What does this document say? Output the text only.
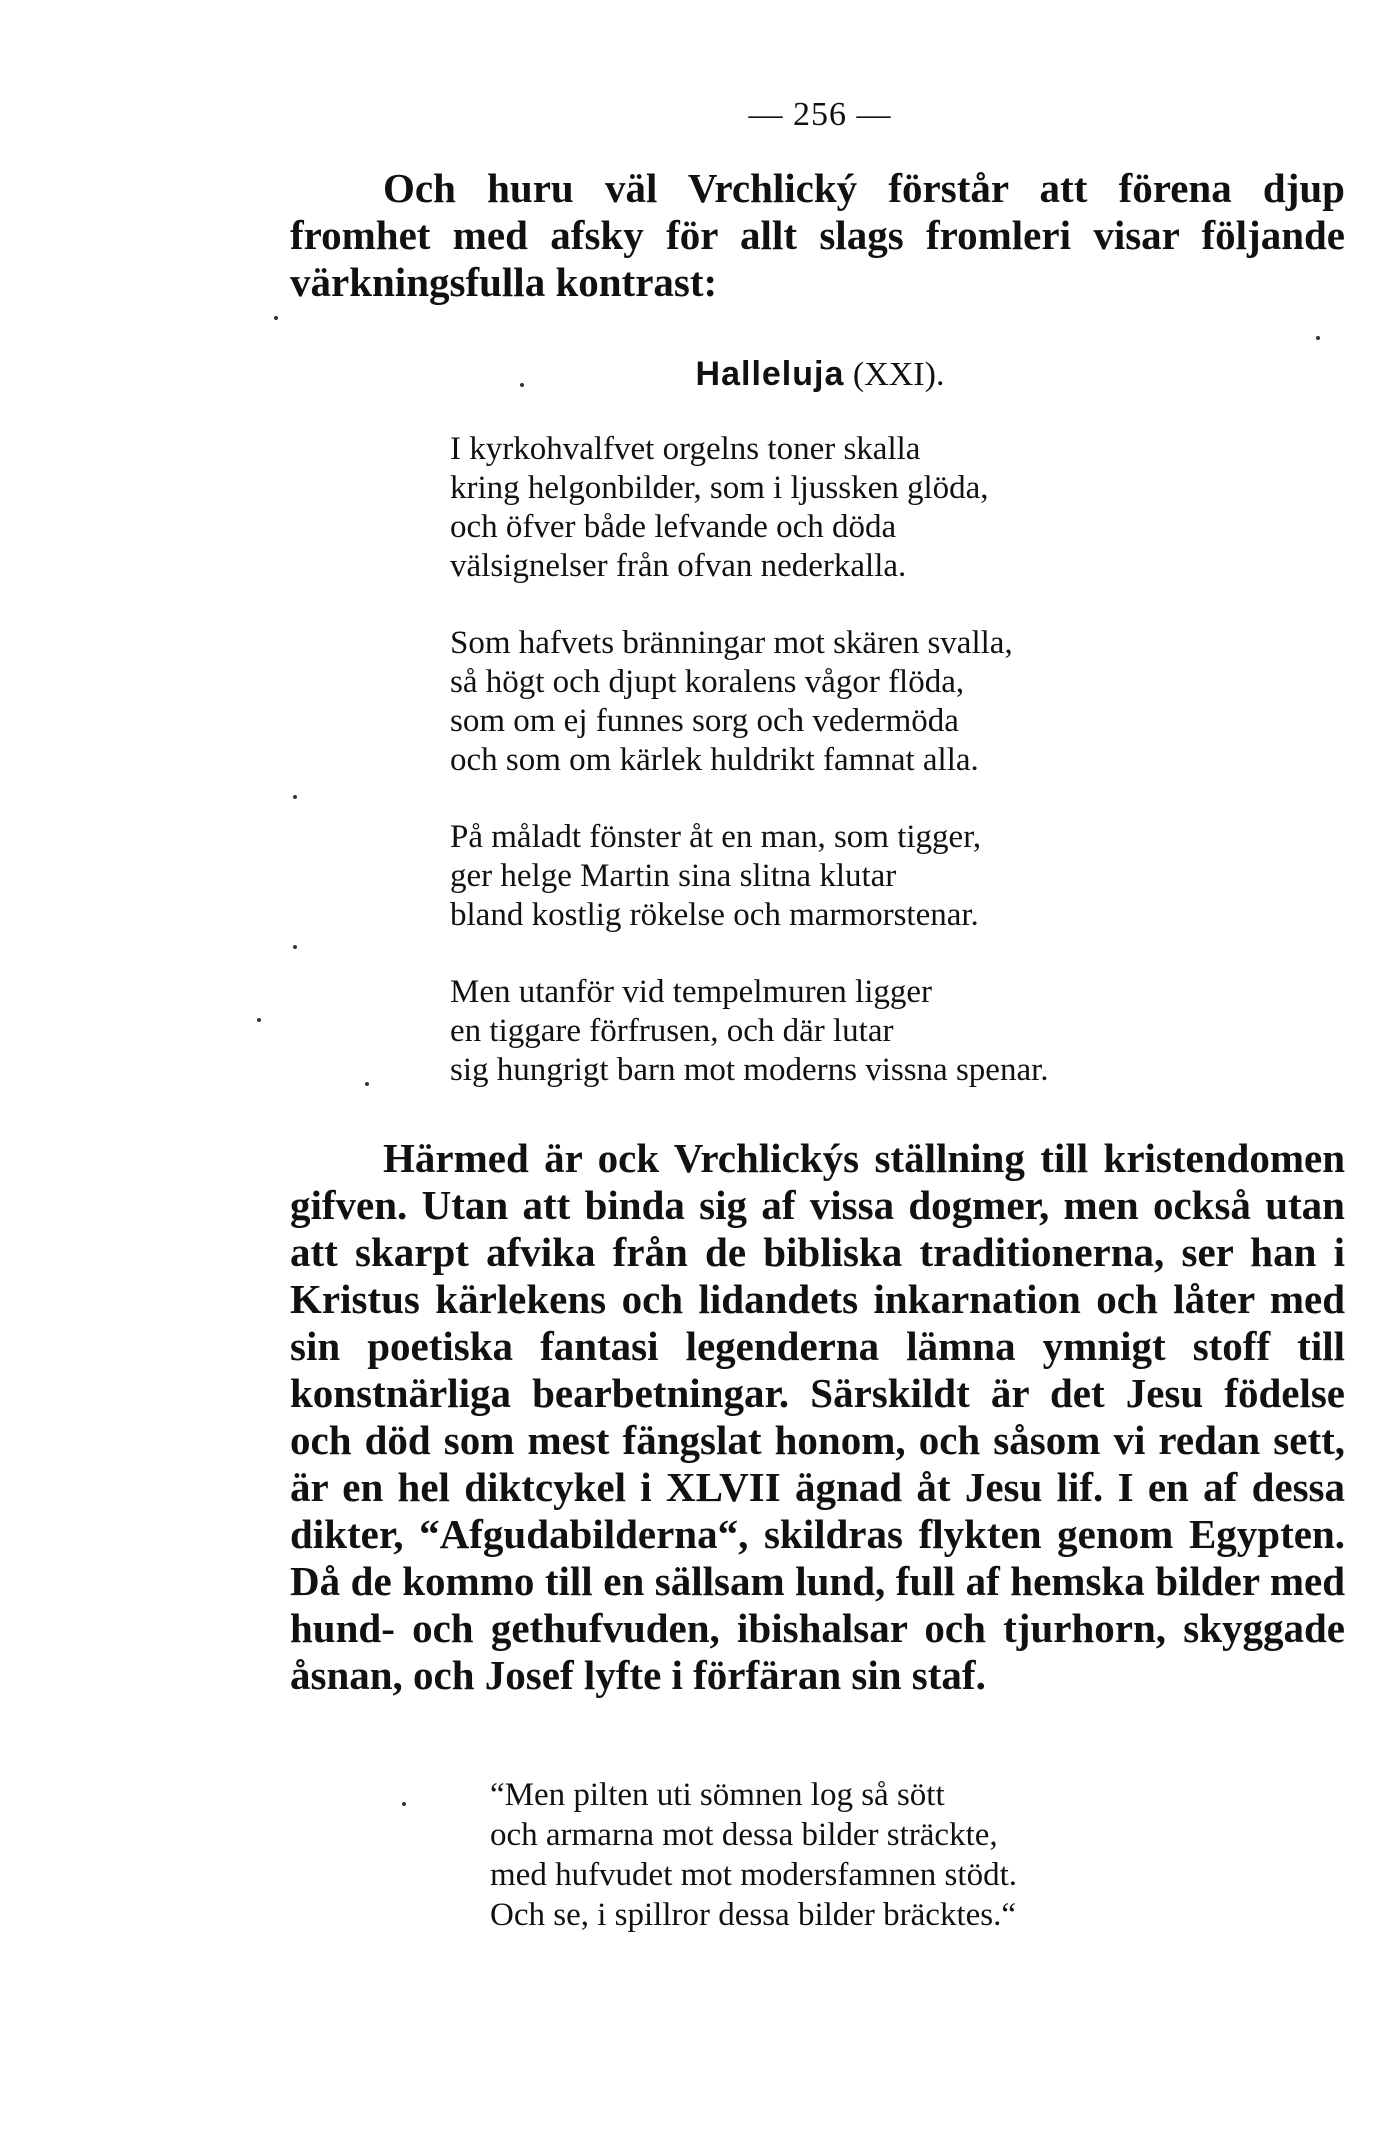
— 256 —

Och huru väl Vrchlický förstår att förena djup fromhet med afsky för allt slags fromleri visar följande värkningsfulla kontrast:

Halleluja (XXI).
I kyrkohvalfvet orgelns toner skalla
kring helgonbilder, som i ljussken glöda,
och öfver både lefvande och döda
välsignelser från ofvan nederkalla.
Som hafvets bränningar mot skären svalla,
så högt och djupt koralens vågor flöda,
som om ej funnes sorg och vedermöda
och som om kärlek huldrikt famnat alla.
På måladt fönster åt en man, som tigger,
ger helge Martin sina slitna klutar
bland kostlig rökelse och marmorstenar.
Men utanför vid tempelmuren ligger
en tiggare förfrusen, och där lutar
sig hungrigt barn mot moderns vissna spenar.

Härmed är ock Vrchlickýs ställning till kristendomen gifven. Utan att binda sig af vissa dogmer, men också utan att skarpt afvika från de bibliska traditionerna, ser han i Kristus kärlekens och lidandets inkarnation och låter med sin poetiska fantasi legenderna lämna ymnigt stoff till konstnärliga bearbetningar. Särskildt är det Jesu födelse och död som mest fängslat honom, och såsom vi redan sett, är en hel diktcykel i XLVII ägnad åt Jesu lif. I en af dessa dikter, “Afgudabilderna“, skildras flykten genom Egypten. Då de kommo till en sällsam lund, full af hemska bilder med hund- och gethufvuden, ibishalsar och tjurhorn, skyggade åsnan, och Josef lyfte i förfäran sin staf.

“Men pilten uti sömnen log så sött
och armarna mot dessa bilder sträckte,
med hufvudet mot modersfamnen stödt.
Och se, i spillror dessa bilder bräcktes.“
